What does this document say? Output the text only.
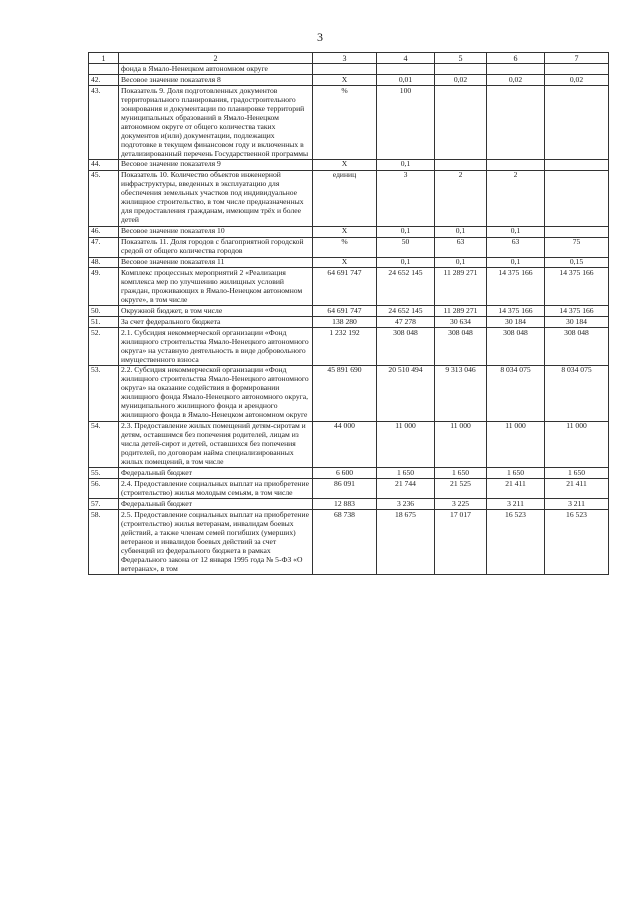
3
1	2	3	4	5	6	7
	фонда в Ямало-Ненецком автономном округе					
42.	Весовое значение показателя 8	X	0,01	0,02	0,02	0,02
43.	Показатель 9. Доля подготовленных документов территориального планирования, градостроительного зонирования и документации по планировке территорий муниципальных образований в Ямало-Ненецком автономном округе от общего количества таких документов и(или) документации, подлежащих подготовке в текущем финансовом году и включенных в детализированный перечень Государственной программы	%	100			
44.	Весовое значение показателя 9	X	0,1			
45.	Показатель 10. Количество объектов инженерной инфраструктуры, введенных в эксплуатацию для обеспечения земельных участков под индивидуальное жилищное строительство, в том числе предназначенных для предоставления гражданам, имеющим трёх и более детей	единиц	3	2	2	
46.	Весовое значение показателя 10	X	0,1	0,1	0,1	
47.	Показатель 11. Доля городов с благоприятной городской средой от общего количества городов	%	50	63	63	75
48.	Весовое значение показателя 11	X	0,1	0,1	0,1	0,15
49.	Комплекс процессных мероприятий 2 «Реализация комплекса мер по улучшению жилищных условий граждан, проживающих в Ямало-Ненецком автономном округе», в том числе	64 691 747	24 652 145	11 289 271	14 375 166	14 375 166
50.	Окружной бюджет, в том числе	64 691 747	24 652 145	11 289 271	14 375 166	14 375 166
51.	За счет федерального бюджета	138 280	47 278	30 634	30 184	30 184
52.	2.1. Субсидия некоммерческой организации «Фонд жилищного строительства Ямало-Ненецкого автономного округа» на уставную деятельность в виде добровольного имущественного взноса	1 232 192	308 048	308 048	308 048	308 048
53.	2.2. Субсидия некоммерческой организации «Фонд жилищного строительства Ямало-Ненецкого автономного округа» на оказание содействия в формировании жилищного фонда Ямало-Ненецкого автономного округа, муниципального жилищного фонда и арендного жилищного фонда в Ямало-Ненецком автономном округе	45 891 690	20 510 494	9 313 046	8 034 075	8 034 075
54.	2.3. Предоставление жилых помещений детям-сиротам и детям, оставшимся без попечения родителей, лицам из числа детей-сирот и детей, оставшихся без попечения родителей, по договорам найма специализированных жилых помещений, в том числе	44 000	11 000	11 000	11 000	11 000
55.	Федеральный бюджет	6 600	1 650	1 650	1 650	1 650
56.	2.4. Предоставление социальных выплат на приобретение (строительство) жилья молодым семьям, в том числе	86 091	21 744	21 525	21 411	21 411
57.	Федеральный бюджет	12 883	3 236	3 225	3 211	3 211
58.	2.5. Предоставление социальных выплат на приобретение (строительство) жилья ветеранам, инвалидам боевых действий, а также членам семей погибших (умерших) ветеранов и инвалидов боевых действий за счет субвенций из федерального бюджета в рамках Федерального закона от 12 января 1995 года № 5-ФЗ «О ветеранах», в том	68 738	18 675	17 017	16 523	16 523
